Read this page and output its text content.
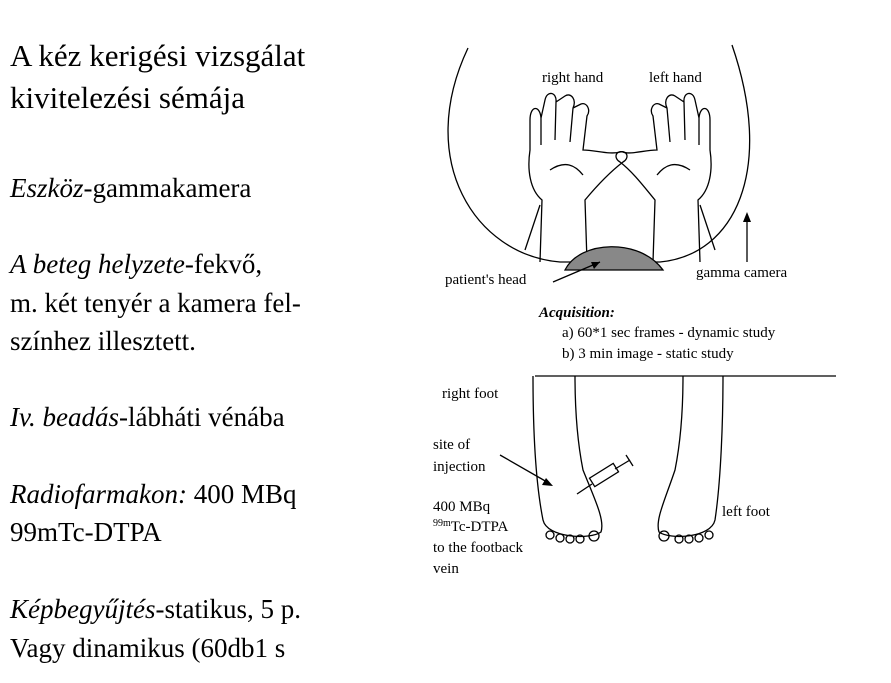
A kéz kerigési vizsgálat
kivitelezési sémája
Eszköz-gammakamera
A beteg helyzete-fekvő,
m. két tenyér a kamera fel-
színhez illesztett.
Iv. beadás-lábháti vénába
Radiofarmakon: 400 MBq
99mTc-DTPA
Képbegyűjtés-statikus, 5 p.
Vagy dinamikus (60db1 s
right hand	left hand
patient's head	gamma camera
Acquisition:
a) 60*1 sec frames - dynamic study
b) 3 min image - static study
right foot
left foot
site of
injection
400 MBq
$^{99m}$Tc-DTPA
to the footback
vein
